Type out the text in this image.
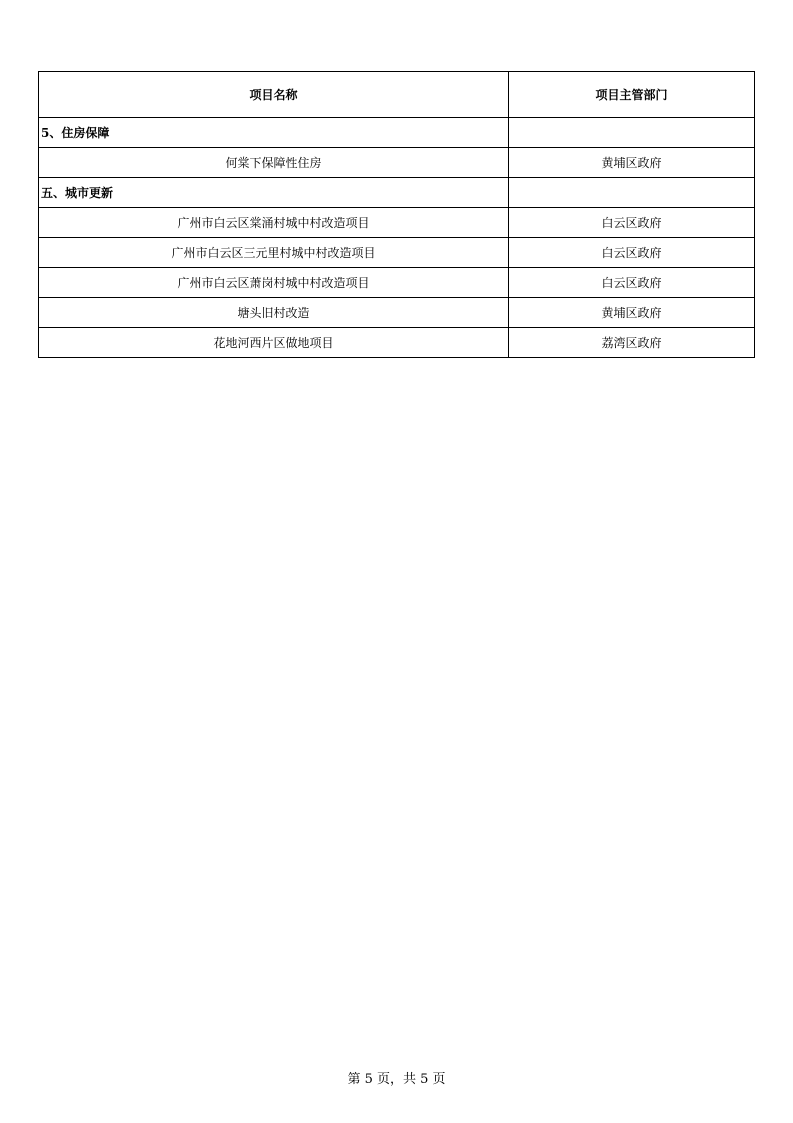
项目名称	项目主管部门
5、住房保障	
何棠下保障性住房	黄埔区政府
五、城市更新	
广州市白云区棠涌村城中村改造项目	白云区政府
广州市白云区三元里村城中村改造项目	白云区政府
广州市白云区萧岗村城中村改造项目	白云区政府
塘头旧村改造	黄埔区政府
花地河西片区做地项目	荔湾区政府
第 5 页，共 5 页
